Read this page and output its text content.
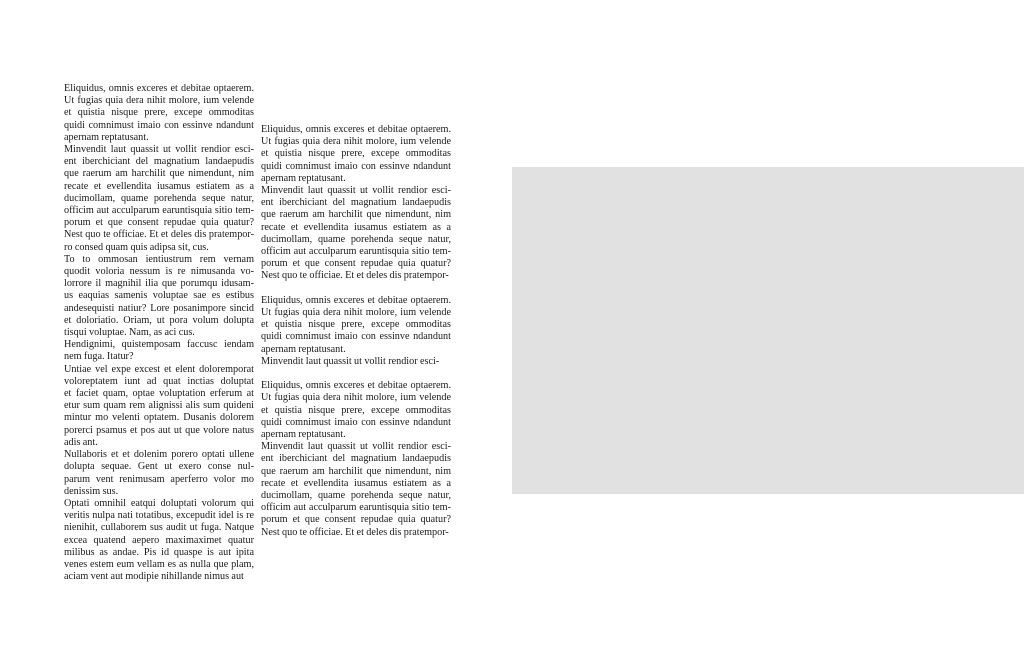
Eliquidus, omnis exceres et debitae optaerem.
Ut fugias quia dera nihit molore, ium velende
et quistia nisque prere, excepe ommoditas
quidi comnimust imaio con essinve ndandunt
apernam reptatusant.
Minvendit laut quassit ut vollit rendior esci-
ent iberchiciant del magnatium landaepudis
que raerum am harchilit que nimendunt, nim
recate et evellendita iusamus estiatem as a
ducimollam, quame porehenda seque natur,
officim aut acculparum earuntisquia sitio tem-
porum et que consent repudae quia quatur?
Nest quo te officiae. Et et deles dis pratempor-
ro consed quam quis adipsa sit, cus.
To to ommosan ientiustrum rem vernam
quodit voloria nessum is re nimusanda vo-
lorrore il magnihil ilia que porumqu idusam-
us eaquias samenis voluptae sae es estibus
andesequisti natiur? Lore posanimpore sincid
et doloriatio. Oriam, ut pora volum dolupta
tisqui voluptae. Nam, as aci cus.
Hendignimi, quistemposam faccusc iendam
nem fuga. Itatur?
Untiae vel expe excest et elent doloremporat
voloreptatem iunt ad quat inctias doluptat
et faciet quam, optae voluptation erferum at
etur sum quam rem alignissi alis sum quideni
mintur mo velenti optatem. Dusanis dolorem
porerci psamus et pos aut ut que volore natus
adis ant.
Nullaboris et et dolenim porero optati ullene
dolupta sequae. Gent ut exero conse nul-
parum vent renimusam aperferro volor mo
denissim sus.
Optati omnihil eatqui doluptati volorum qui
veritis nulpa nati totatibus, excepudit idel is re
nienihit, cullaborem sus audit ut fuga. Natque
excea quatend aepero maximaximet quatur
milibus as andae. Pis id quaspe is aut ipita
venes estem eum vellam es as nulla que plam,
aciam vent aut modipie nihillande nimus aut
Eliquidus, omnis exceres et debitae optaerem.
Ut fugias quia dera nihit molore, ium velende
et quistia nisque prere, excepe ommoditas
quidi comnimust imaio con essinve ndandunt
apernam reptatusant.
Minvendit laut quassit ut vollit rendior esci-
ent iberchiciant del magnatium landaepudis
que raerum am harchilit que nimendunt, nim
recate et evellendita iusamus estiatem as a
ducimollam, quame porehenda seque natur,
officim aut acculparum earuntisquia sitio tem-
porum et que consent repudae quia quatur?
Nest quo te officiae. Et et deles dis pratempor-
Eliquidus, omnis exceres et debitae optaerem.
Ut fugias quia dera nihit molore, ium velende
et quistia nisque prere, excepe ommoditas
quidi comnimust imaio con essinve ndandunt
apernam reptatusant.
Minvendit laut quassit ut vollit rendior esci-
Eliquidus, omnis exceres et debitae optaerem.
Ut fugias quia dera nihit molore, ium velende
et quistia nisque prere, excepe ommoditas
quidi comnimust imaio con essinve ndandunt
apernam reptatusant.
Minvendit laut quassit ut vollit rendior esci-
ent iberchiciant del magnatium landaepudis
que raerum am harchilit que nimendunt, nim
recate et evellendita iusamus estiatem as a
ducimollam, quame porehenda seque natur,
officim aut acculparum earuntisquia sitio tem-
porum et que consent repudae quia quatur?
Nest quo te officiae. Et et deles dis pratempor-
